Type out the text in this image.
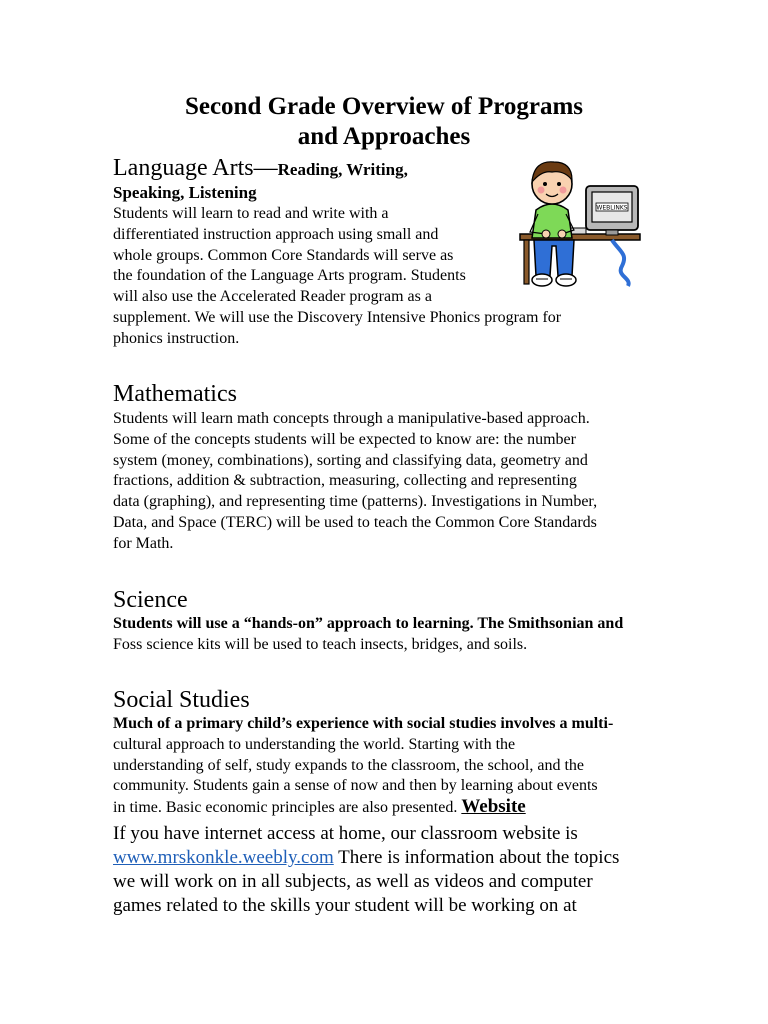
Second Grade Overview of Programs
and Approaches
Language Arts—Reading, Writing,
Speaking, Listening
Students will learn to read and write with a
differentiated instruction approach using small and
whole groups. Common Core Standards will serve as
the foundation of the Language Arts program. Students
will also use the Accelerated Reader program as a
supplement. We will use the Discovery Intensive Phonics program for
phonics instruction.
WEBLINKS
Mathematics
Students will learn math concepts through a manipulative-based approach.
Some of the concepts students will be expected to know are: the number
system (money, combinations), sorting and classifying data, geometry and
fractions, addition & subtraction, measuring, collecting and representing
data (graphing), and representing time (patterns). Investigations in Number,
Data, and Space (TERC) will be used to teach the Common Core Standards
for Math.
Science
Students will use a “hands-on” approach to learning. The Smithsonian and
Foss science kits will be used to teach insects, bridges, and soils.
Social Studies
Much of a primary child’s experience with social studies involves a multi-
cultural approach to understanding the world. Starting with the
understanding of self, study expands to the classroom, the school, and the
community. Students gain a sense of now and then by learning about events
in time. Basic economic principles are also presented. Website
If you have internet access at home, our classroom website is
www.mrskonkle.weebly.com There is information about the topics
we will work on in all subjects, as well as videos and computer
games related to the skills your student will be working on at
